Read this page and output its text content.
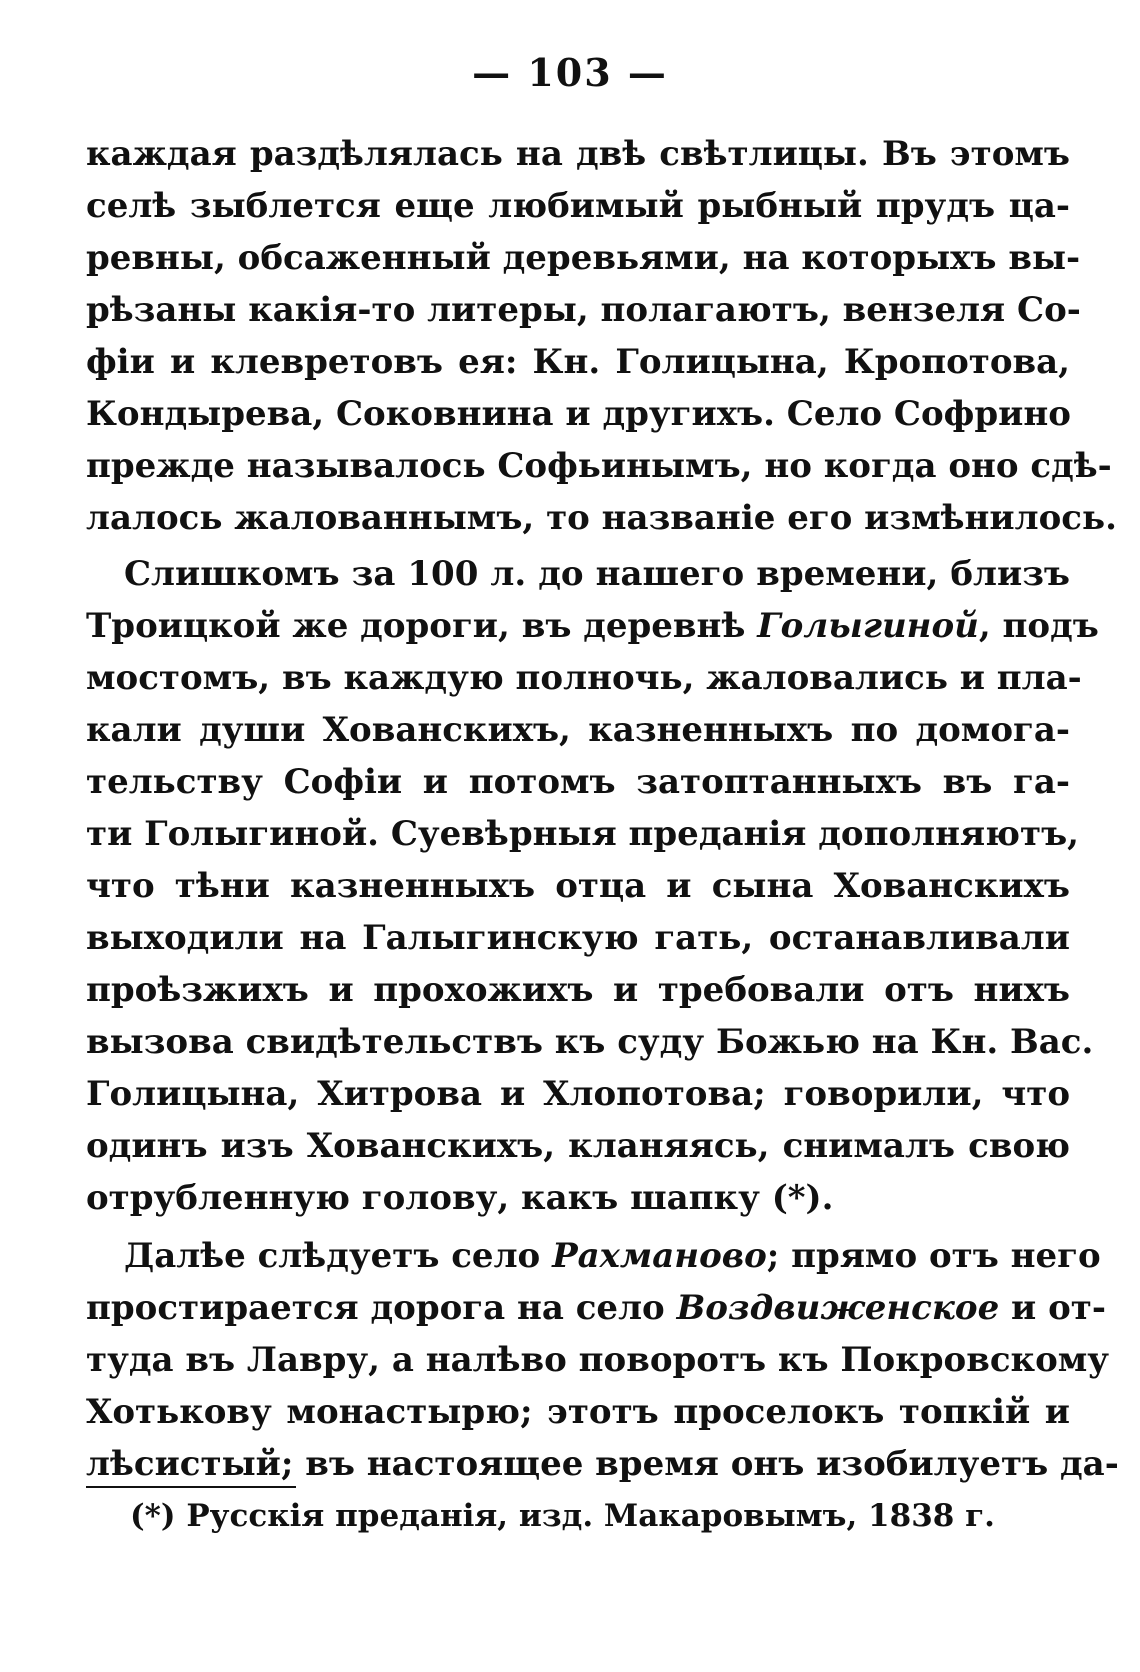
— 103 —
каждая раздѣлялась на двѣ свѣтлицы. Въ этомъ
селѣ зыблется еще любимый рыбный прудъ ца-
ревны, обсаженный деревьями, на которыхъ вы-
рѣзаны какія-то литеры, полагаютъ, вензеля Со-
фіи и клевретовъ ея: Кн. Голицына, Кропотова,
Кондырева, Соковнина и другихъ. Село Софрино
прежде называлось Софьинымъ, но когда оно сдѣ-
лалось жалованнымъ, то названіе его измѣнилось.
Слишкомъ за 100 л. до нашего времени, близъ
Троицкой же дороги, въ деревнѣ Голыгиной, подъ
мостомъ, въ каждую полночь, жаловались и пла-
кали души Хованскихъ, казненныхъ по домога-
тельству Софіи и потомъ затоптанныхъ въ га-
ти Голыгиной. Суевѣрныя преданія дополняютъ,
что тѣни казненныхъ отца и сына Хованскихъ
выходили на Галыгинскую гать, останавливали
проѣзжихъ и прохожихъ и требовали отъ нихъ
вызова свидѣтельствъ къ суду Божью на Кн. Вас.
Голицына, Хитрова и Хлопотова; говорили, что
одинъ изъ Хованскихъ, кланяясь, снималъ свою
отрубленную голову, какъ шапку (*).
Далѣе слѣдуетъ село Рахманово; прямо отъ него
простирается дорога на село Воздвиженское и от-
туда въ Лавру, а налѣво поворотъ къ Покровскому
Хотькову монастырю; этотъ проселокъ топкій и
лѣсистый; въ настоящее время онъ изобилуетъ да-
(*) Русскія преданія, изд. Макаровымъ, 1838 г.
